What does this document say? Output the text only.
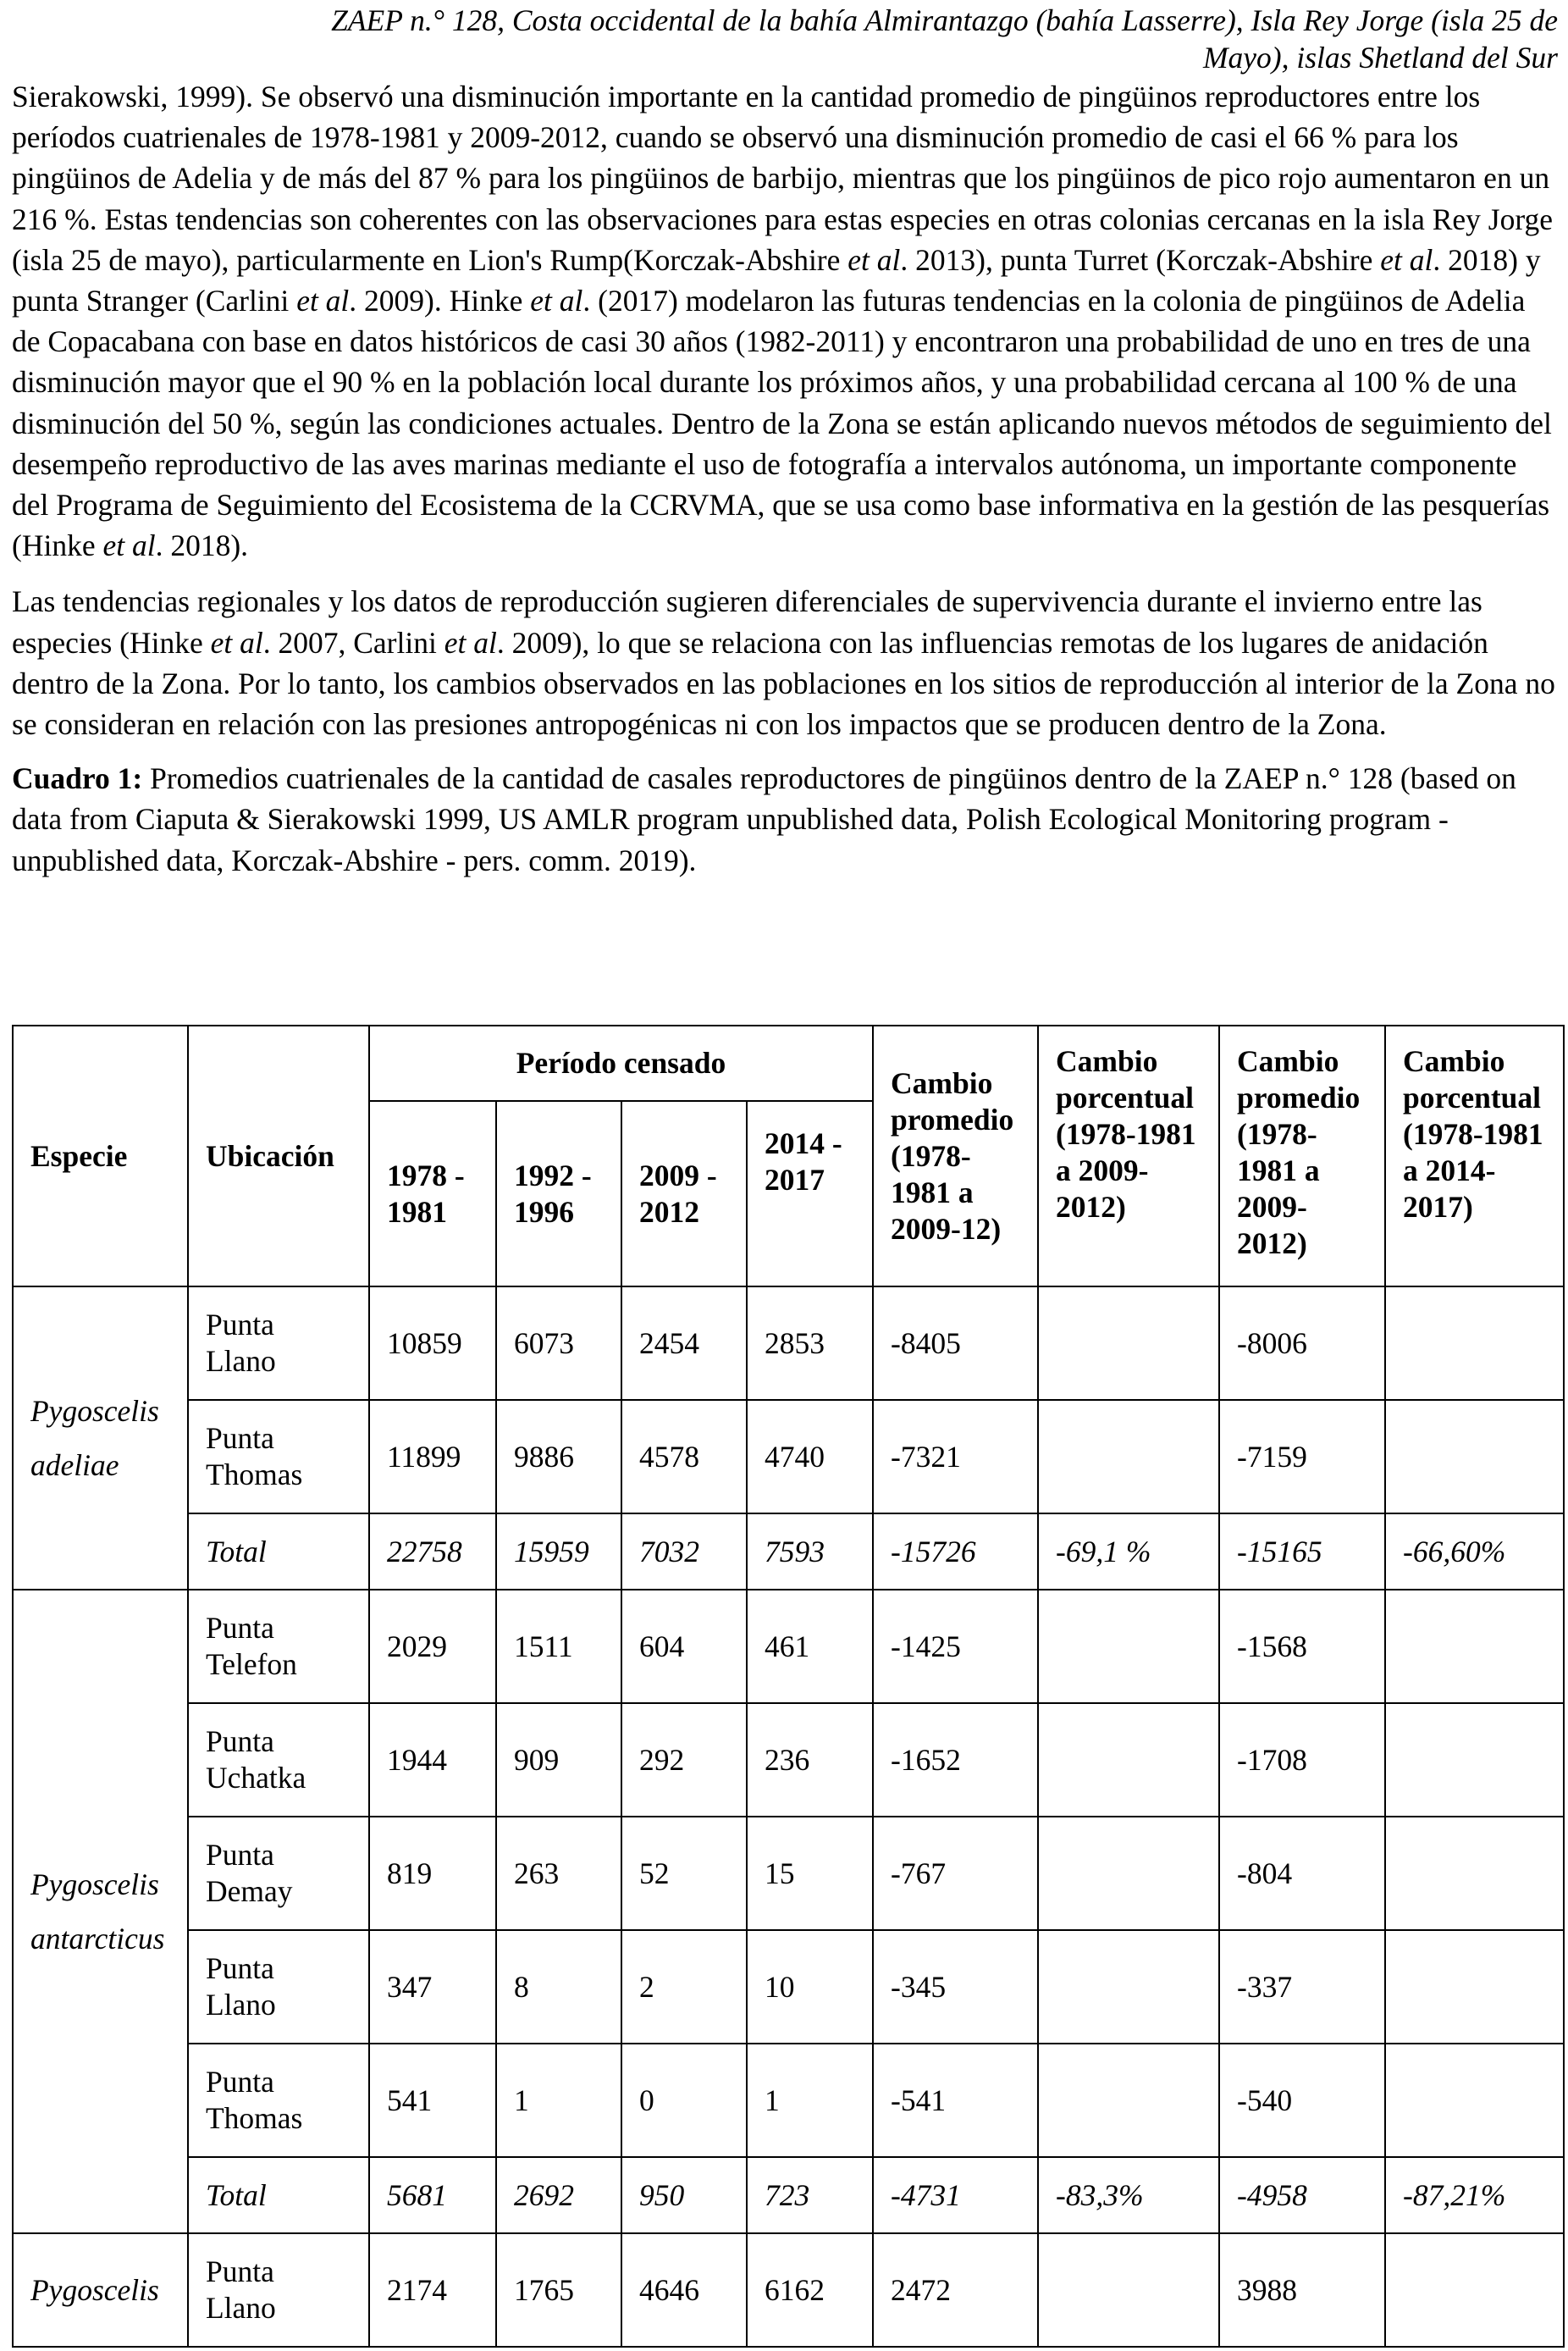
ZAEP n.° 128, Costa occidental de la bahía Almirantazgo (bahía Lasserre), Isla Rey Jorge (isla 25 de
Mayo), islas Shetland del Sur

Sierakowski, 1999). Se observó una disminución importante en la cantidad promedio de pingüinos reproductores entre los períodos cuatrienales de 1978-1981 y 2009-2012, cuando se observó una disminución promedio de casi el 66 % para los pingüinos de Adelia y de más del 87 % para los pingüinos de barbijo, mientras que los pingüinos de pico rojo aumentaron en un 216 %. Estas tendencias son coherentes con las observaciones para estas especies en otras colonias cercanas en la isla Rey Jorge (isla 25 de mayo), particularmente en Lion's Rump(Korczak-Abshire et al. 2013), punta Turret (Korczak-Abshire et al. 2018) y punta Stranger (Carlini et al. 2009). Hinke et al. (2017) modelaron las futuras tendencias en la colonia de pingüinos de Adelia de Copacabana con base en datos históricos de casi 30 años (1982-2011) y encontraron una probabilidad de uno en tres de una disminución mayor que el 90 % en la población local durante los próximos años, y una probabilidad cercana al 100 % de una disminución del 50 %, según las condiciones actuales. Dentro de la Zona se están aplicando nuevos métodos de seguimiento del desempeño reproductivo de las aves marinas mediante el uso de fotografía a intervalos autónoma, un importante componente del Programa de Seguimiento del Ecosistema de la CCRVMA, que se usa como base informativa en la gestión de las pesquerías (Hinke et al. 2018).

Las tendencias regionales y los datos de reproducción sugieren diferenciales de supervivencia durante el invierno entre las especies (Hinke et al. 2007, Carlini et al. 2009), lo que se relaciona con las influencias remotas de los lugares de anidación dentro de la Zona. Por lo tanto, los cambios observados en las poblaciones en los sitios de reproducción al interior de la Zona no se consideran en relación con las presiones antropogénicas ni con los impactos que se producen dentro de la Zona.

Cuadro 1: Promedios cuatrienales de la cantidad de casales reproductores de pingüinos dentro de la ZAEP n.° 128 (based on data from Ciaputa & Sierakowski 1999, US AMLR program unpublished data, Polish Ecological Monitoring program - unpublished data, Korczak-Abshire - pers. comm. 2019).
Especie	Ubicación	Período censado				Cambio promedio (1978-1981 a 2009-12)	Cambio porcentual (1978-1981 a 2009-2012)	Cambio promedio (1978-1981 a 2009-2012)	Cambio porcentual (1978-1981 a 2014-2017)
		1978 - 1981	1992 - 1996	2009 - 2012	2014 - 2017				
Pygoscelis
adeliae	Punta Llano	10859	6073	2454	2853	-8405		-8006	
	Punta Thomas	11899	9886	4578	4740	-7321		-7159	
	Total	22758	15959	7032	7593	-15726	-69,1 %	-15165	-66,60%
Pygoscelis
antarcticus	Punta Telefon	2029	1511	604	461	-1425		-1568	
	Punta Uchatka	1944	909	292	236	-1652		-1708	
	Punta Demay	819	263	52	15	-767		-804	
	Punta Llano	347	8	2	10	-345		-337	
	Punta Thomas	541	1	0	1	-541		-540	
	Total	5681	2692	950	723	-4731	-83,3%	-4958	-87,21%
Pygoscelis	Punta Llano	2174	1765	4646	6162	2472		3988	
